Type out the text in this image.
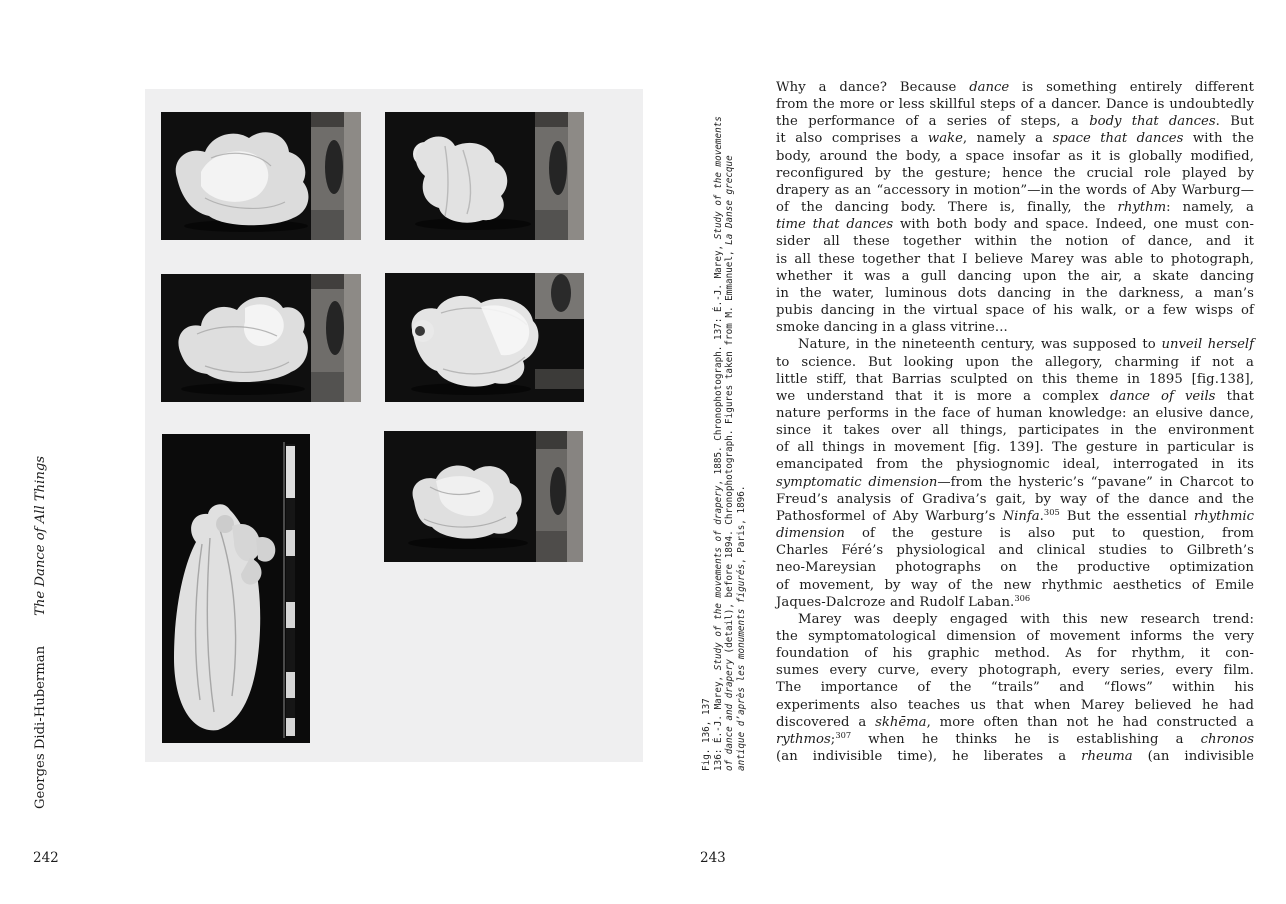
Georges Didi-HubermanThe Dance of All Things
242
Fig. 136, 137 136: É.-J. Marey, Study of the movements of drapery, 1885. Chronophotograph. 137: É.-J. Marey, Study of the movements
of dance and drapery (detail), before 1894. Chronophotograph. Figures taken from M. Emmanuel, La Danse grecque
antique d’après les monuments figurés, Paris, 1896.
Why a dance? Because dance is something entirely different
from the more or less skillful steps of a dancer. Dance is undoubtedly
the performance of a series of steps, a body that dances. But
it also comprises a wake, namely a space that dances with the
body, around the body, a space insofar as it is globally modified,
reconfigured by the gesture; hence the crucial role played by
drapery as an “accessory in motion”—in the words of Aby Warburg—
of the dancing body. There is, finally, the rhythm: namely, a
time that dances with both body and space. Indeed, one must con-
sider all these together within the notion of dance, and it
is all these together that I believe Marey was able to photograph,
whether it was a gull dancing upon the air, a skate dancing
in the water, luminous dots dancing in the darkness, a man’s
pubis dancing in the virtual space of his walk, or a few wisps of
smoke dancing in a glass vitrine...
Nature, in the nineteenth century, was supposed to unveil herself
to science. But looking upon the allegory, charming if not a
little stiff, that Barrias sculpted on this theme in 1895 [fig.138],
we understand that it is more a complex dance of veils that
nature performs in the face of human knowledge: an elusive dance,
since it takes over all things, participates in the environment
of all things in movement [fig. 139]. The gesture in particular is
emancipated from the physiognomic ideal, interrogated in its
symptomatic dimension—from the hysteric’s “pavane” in Charcot to
Freud’s analysis of Gradiva’s gait, by way of the dance and the
Pathosformel of Aby Warburg’s Ninfa.$^{305}$ But the essential rhythmic
dimension of the gesture is also put to question, from
Charles Féré’s physiological and clinical studies to Gilbreth’s
neo-Mareysian photographs on the productive optimization
of movement, by way of the new rhythmic aesthetics of Emile
Jaques-Dalcroze and Rudolf Laban.$^{306}$
Marey was deeply engaged with this new research trend:
the symptomatological dimension of movement informs the very
foundation of his graphic method. As for rhythm, it con-
sumes every curve, every photograph, every series, every film.
The importance of the “trails” and “flows” within his
experiments also teaches us that when Marey believed he had
discovered a skhēma, more often than not he had constructed a
rythmos;$^{307}$ when he thinks he is establishing a chronos
(an indivisible time), he liberates a rheuma (an indivisible
243
